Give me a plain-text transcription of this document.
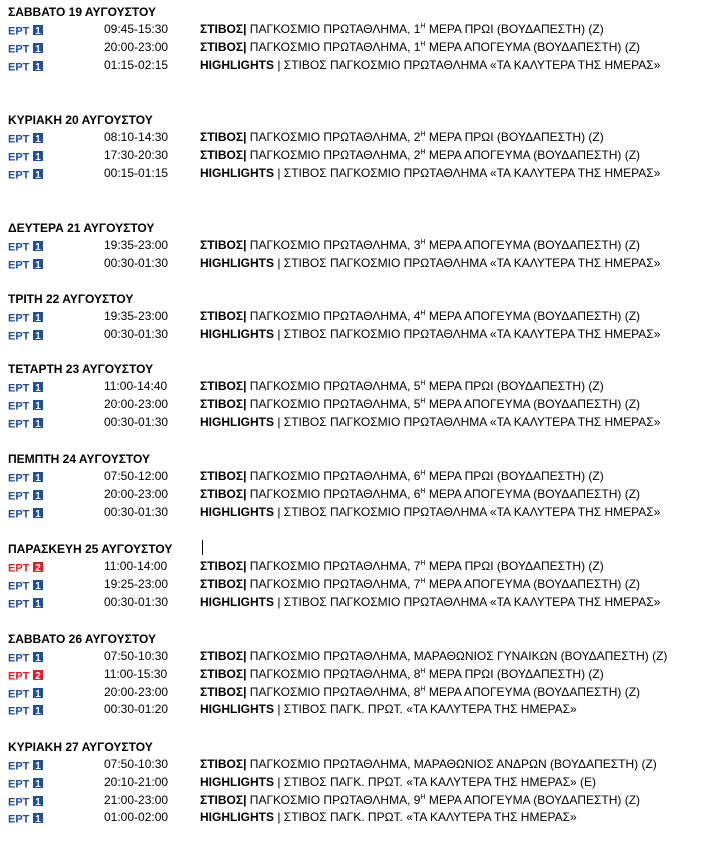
ΣΑΒΒΑΤΟ 19 ΑΥΓΟΥΣΤΟΥ
ΕΡΤ 1	09:45-15:30	ΣΤΙΒΟΣ| ΠΑΓΚΟΣΜΙΟ ΠΡΩΤΑΘΛΗΜΑ, $1^H$ ΜΕΡΑ ΠΡΩΙ (ΒΟΥΔΑΠΕΣΤΗ) (Ζ)
ΕΡΤ 1	20:00-23:00	ΣΤΙΒΟΣ| ΠΑΓΚΟΣΜΙΟ ΠΡΩΤΑΘΛΗΜΑ, $1^H$ ΜΕΡΑ ΑΠΟΓΕΥΜΑ (ΒΟΥΔΑΠΕΣΤΗ) (Ζ)
ΕΡΤ 1	01:15-02:15	HIGHLIGHTS | ΣΤΙΒΟΣ ΠΑΓΚΟΣΜΙΟ ΠΡΩΤΑΘΛΗΜΑ «ΤΑ ΚΑΛΥΤΕΡΑ ΤΗΣ ΗΜΕΡΑΣ»
ΚΥΡΙΑΚΗ 20 ΑΥΓΟΥΣΤΟΥ
ΕΡΤ 1	08:10-14:30	ΣΤΙΒΟΣ| ΠΑΓΚΟΣΜΙΟ ΠΡΩΤΑΘΛΗΜΑ, $2^H$ ΜΕΡΑ ΠΡΩΙ (ΒΟΥΔΑΠΕΣΤΗ) (Ζ)
ΕΡΤ 1	17:30-20:30	ΣΤΙΒΟΣ| ΠΑΓΚΟΣΜΙΟ ΠΡΩΤΑΘΛΗΜΑ, $2^H$ ΜΕΡΑ ΑΠΟΓΕΥΜΑ (ΒΟΥΔΑΠΕΣΤΗ) (Ζ)
ΕΡΤ 1	00:15-01:15	HIGHLIGHTS | ΣΤΙΒΟΣ ΠΑΓΚΟΣΜΙΟ ΠΡΩΤΑΘΛΗΜΑ «ΤΑ ΚΑΛΥΤΕΡΑ ΤΗΣ ΗΜΕΡΑΣ»
ΔΕΥΤΕΡΑ 21 ΑΥΓΟΥΣΤΟΥ
ΕΡΤ 1	19:35-23:00	ΣΤΙΒΟΣ| ΠΑΓΚΟΣΜΙΟ ΠΡΩΤΑΘΛΗΜΑ, $3^H$ ΜΕΡΑ ΑΠΟΓΕΥΜΑ (ΒΟΥΔΑΠΕΣΤΗ) (Ζ)
ΕΡΤ 1	00:30-01:30	HIGHLIGHTS | ΣΤΙΒΟΣ ΠΑΓΚΟΣΜΙΟ ΠΡΩΤΑΘΛΗΜΑ «ΤΑ ΚΑΛΥΤΕΡΑ ΤΗΣ ΗΜΕΡΑΣ»
ΤΡΙΤΗ 22 ΑΥΓΟΥΣΤΟΥ
ΕΡΤ 1	19:35-23:00	ΣΤΙΒΟΣ| ΠΑΓΚΟΣΜΙΟ ΠΡΩΤΑΘΛΗΜΑ, $4^H$ ΜΕΡΑ ΑΠΟΓΕΥΜΑ (ΒΟΥΔΑΠΕΣΤΗ) (Ζ)
ΕΡΤ 1	00:30-01:30	HIGHLIGHTS | ΣΤΙΒΟΣ ΠΑΓΚΟΣΜΙΟ ΠΡΩΤΑΘΛΗΜΑ «ΤΑ ΚΑΛΥΤΕΡΑ ΤΗΣ ΗΜΕΡΑΣ»
ΤΕΤΑΡΤΗ 23 ΑΥΓΟΥΣΤΟΥ
ΕΡΤ 1	11:00-14:40	ΣΤΙΒΟΣ| ΠΑΓΚΟΣΜΙΟ ΠΡΩΤΑΘΛΗΜΑ, $5^H$ ΜΕΡΑ ΠΡΩΙ (ΒΟΥΔΑΠΕΣΤΗ) (Ζ)
ΕΡΤ 1	20:00-23:00	ΣΤΙΒΟΣ| ΠΑΓΚΟΣΜΙΟ ΠΡΩΤΑΘΛΗΜΑ, $5^H$ ΜΕΡΑ ΑΠΟΓΕΥΜΑ (ΒΟΥΔΑΠΕΣΤΗ) (Ζ)
ΕΡΤ 1	00:30-01:30	HIGHLIGHTS | ΣΤΙΒΟΣ ΠΑΓΚΟΣΜΙΟ ΠΡΩΤΑΘΛΗΜΑ «ΤΑ ΚΑΛΥΤΕΡΑ ΤΗΣ ΗΜΕΡΑΣ»
ΠΕΜΠΤΗ 24 ΑΥΓΟΥΣΤΟΥ
ΕΡΤ 1	07:50-12:00	ΣΤΙΒΟΣ| ΠΑΓΚΟΣΜΙΟ ΠΡΩΤΑΘΛΗΜΑ, $6^H$ ΜΕΡΑ ΠΡΩΙ (ΒΟΥΔΑΠΕΣΤΗ) (Ζ)
ΕΡΤ 1	20:00-23:00	ΣΤΙΒΟΣ| ΠΑΓΚΟΣΜΙΟ ΠΡΩΤΑΘΛΗΜΑ, $6^H$ ΜΕΡΑ ΑΠΟΓΕΥΜΑ (ΒΟΥΔΑΠΕΣΤΗ) (Ζ)
ΕΡΤ 1	00:30-01:30	HIGHLIGHTS | ΣΤΙΒΟΣ ΠΑΓΚΟΣΜΙΟ ΠΡΩΤΑΘΛΗΜΑ «ΤΑ ΚΑΛΥΤΕΡΑ ΤΗΣ ΗΜΕΡΑΣ»
ΠΑΡΑΣΚΕΥΗ 25 ΑΥΓΟΥΣΤΟΥ
ΕΡΤ 2	11:00-14:00	ΣΤΙΒΟΣ| ΠΑΓΚΟΣΜΙΟ ΠΡΩΤΑΘΛΗΜΑ, $7^H$ ΜΕΡΑ ΠΡΩΙ (ΒΟΥΔΑΠΕΣΤΗ) (Ζ)
ΕΡΤ 1	19:25-23:00	ΣΤΙΒΟΣ| ΠΑΓΚΟΣΜΙΟ ΠΡΩΤΑΘΛΗΜΑ, $7^H$ ΜΕΡΑ ΑΠΟΓΕΥΜΑ (ΒΟΥΔΑΠΕΣΤΗ) (Ζ)
ΕΡΤ 1	00:30-01:30	HIGHLIGHTS | ΣΤΙΒΟΣ ΠΑΓΚΟΣΜΙΟ ΠΡΩΤΑΘΛΗΜΑ «ΤΑ ΚΑΛΥΤΕΡΑ ΤΗΣ ΗΜΕΡΑΣ»
ΣΑΒΒΑΤΟ 26 ΑΥΓΟΥΣΤΟΥ
ΕΡΤ 1	07:50-10:30	ΣΤΙΒΟΣ| ΠΑΓΚΟΣΜΙΟ ΠΡΩΤΑΘΛΗΜΑ, ΜΑΡΑΘΩΝΙΟΣ ΓΥΝΑΙΚΩΝ (ΒΟΥΔΑΠΕΣΤΗ) (Ζ)
ΕΡΤ 2	11:00-15:30	ΣΤΙΒΟΣ| ΠΑΓΚΟΣΜΙΟ ΠΡΩΤΑΘΛΗΜΑ, $8^H$ ΜΕΡΑ ΠΡΩΙ (ΒΟΥΔΑΠΕΣΤΗ) (Ζ)
ΕΡΤ 1	20:00-23:00	ΣΤΙΒΟΣ| ΠΑΓΚΟΣΜΙΟ ΠΡΩΤΑΘΛΗΜΑ, $8^H$ ΜΕΡΑ ΑΠΟΓΕΥΜΑ (ΒΟΥΔΑΠΕΣΤΗ) (Ζ)
ΕΡΤ 1	00:30-01:20	HIGHLIGHTS | ΣΤΙΒΟΣ ΠΑΓΚ. ΠΡΩΤ. «ΤΑ ΚΑΛΥΤΕΡΑ ΤΗΣ ΗΜΕΡΑΣ»
ΚΥΡΙΑΚΗ 27 ΑΥΓΟΥΣΤΟΥ
ΕΡΤ 1	07:50-10:30	ΣΤΙΒΟΣ| ΠΑΓΚΟΣΜΙΟ ΠΡΩΤΑΘΛΗΜΑ, ΜΑΡΑΘΩΝΙΟΣ ΑΝΔΡΩΝ (ΒΟΥΔΑΠΕΣΤΗ) (Ζ)
ΕΡΤ 1	20:10-21:00	HIGHLIGHTS | ΣΤΙΒΟΣ ΠΑΓΚ. ΠΡΩΤ. «ΤΑ ΚΑΛΥΤΕΡΑ ΤΗΣ ΗΜΕΡΑΣ» (Ε)
ΕΡΤ 1	21:00-23:00	ΣΤΙΒΟΣ| ΠΑΓΚΟΣΜΙΟ ΠΡΩΤΑΘΛΗΜΑ, $9^H$ ΜΕΡΑ ΑΠΟΓΕΥΜΑ (ΒΟΥΔΑΠΕΣΤΗ) (Ζ)
ΕΡΤ 1	01:00-02:00	HIGHLIGHTS | ΣΤΙΒΟΣ ΠΑΓΚ. ΠΡΩΤ. «ΤΑ ΚΑΛΥΤΕΡΑ ΤΗΣ ΗΜΕΡΑΣ»
